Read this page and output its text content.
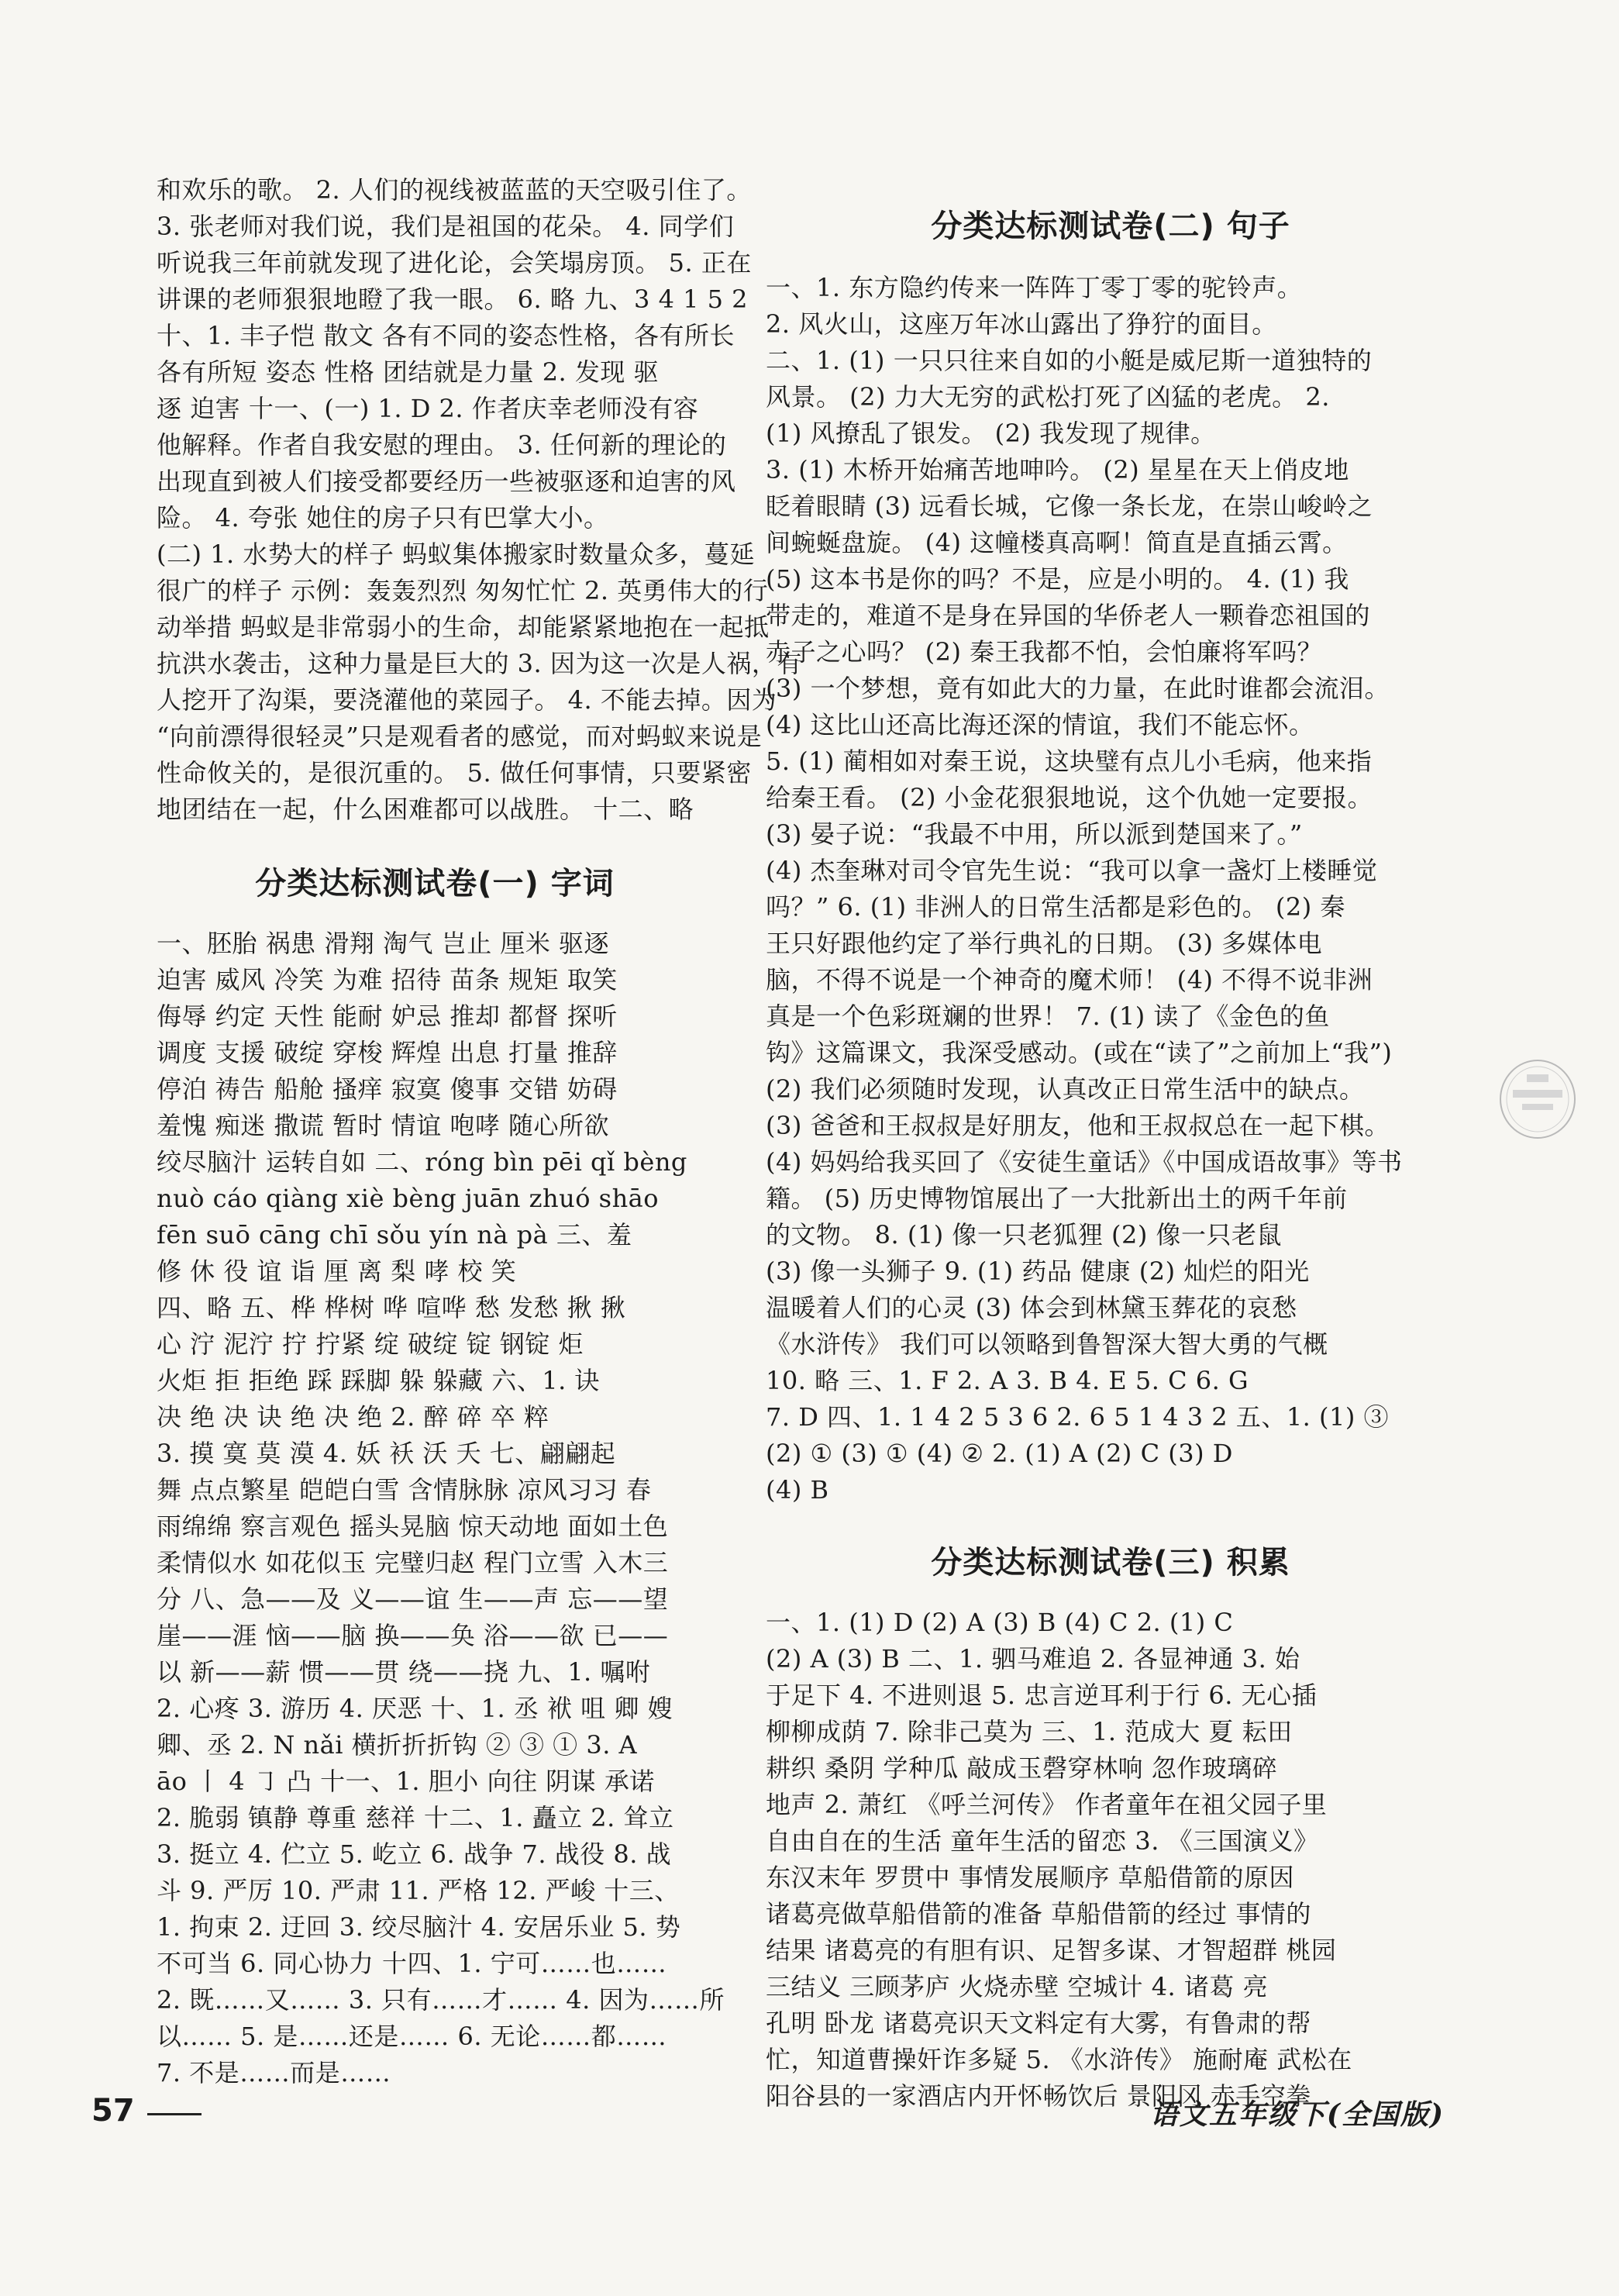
和欢乐的歌。 2. 人们的视线被蓝蓝的天空吸引住了。
3. 张老师对我们说，我们是祖国的花朵。 4. 同学们
听说我三年前就发现了进化论，会笑塌房顶。 5. 正在
讲课的老师狠狠地瞪了我一眼。 6. 略 九、3 4 1 5 2
十、1. 丰子恺 散文 各有不同的姿态性格，各有所长
各有所短 姿态 性格 团结就是力量 2. 发现 驱
逐 迫害 十一、(一) 1. D 2. 作者庆幸老师没有容
他解释。作者自我安慰的理由。 3. 任何新的理论的
出现直到被人们接受都要经历一些被驱逐和迫害的风
险。 4. 夸张 她住的房子只有巴掌大小。
(二) 1. 水势大的样子 蚂蚁集体搬家时数量众多，蔓延
很广的样子 示例：轰轰烈烈 匆匆忙忙 2. 英勇伟大的行
动举措 蚂蚁是非常弱小的生命，却能紧紧地抱在一起抵
抗洪水袭击，这种力量是巨大的 3. 因为这一次是人祸，有
人挖开了沟渠，要浇灌他的菜园子。 4. 不能去掉。因为
“向前漂得很轻灵”只是观看者的感觉，而对蚂蚁来说是
性命攸关的，是很沉重的。 5. 做任何事情，只要紧密
地团结在一起，什么困难都可以战胜。 十二、略
分类达标测试卷(一) 字词
一、胚胎 祸患 滑翔 淘气 岂止 厘米 驱逐
迫害 威风 冷笑 为难 招待 苗条 规矩 取笑
侮辱 约定 天性 能耐 妒忌 推却 都督 探听
调度 支援 破绽 穿梭 辉煌 出息 打量 推辞
停泊 祷告 船舱 搔痒 寂寞 傻事 交错 妨碍
羞愧 痴迷 撒谎 暂时 情谊 咆哮 随心所欲
绞尽脑汁 运转自如 二、róng bìn pēi qǐ bèng
nuò cáo qiàng xiè bèng juān zhuó shāo
fēn suō cāng chī sǒu yín nà pà 三、羞
修 休 役 谊 诣 厘 离 梨 哮 校 笑
四、略 五、桦 桦树 哗 喧哗 愁 发愁 揪 揪
心 泞 泥泞 拧 拧紧 绽 破绽 锭 钢锭 炬
火炬 拒 拒绝 踩 踩脚 躲 躲藏 六、1. 诀
决 绝 决 诀 绝 决 绝 2. 醉 碎 卒 粹
3. 摸 寞 莫 漠 4. 妖 袄 沃 夭 七、翩翩起
舞 点点繁星 皑皑白雪 含情脉脉 凉风习习 春
雨绵绵 察言观色 摇头晃脑 惊天动地 面如土色
柔情似水 如花似玉 完璧归赵 程门立雪 入木三
分 八、急——及 义——谊 生——声 忘——望
崖——涯 恼——脑 换——奂 浴——欲 已——
以 新——薪 惯——贯 绕——挠 九、1. 嘱咐
2. 心疼 3. 游历 4. 厌恶 十、1. 丞 袱 咀 卿 嫂
卿、丞 2. N nǎi 横折折折钩 ② ③ ① 3. A
āo 丨 4 ㇆ 凸 十一、1. 胆小 向往 阴谋 承诺
2. 脆弱 镇静 尊重 慈祥 十二、1. 矗立 2. 耸立
3. 挺立 4. 伫立 5. 屹立 6. 战争 7. 战役 8. 战
斗 9. 严厉 10. 严肃 11. 严格 12. 严峻 十三、
1. 拘束 2. 迂回 3. 绞尽脑汁 4. 安居乐业 5. 势
不可当 6. 同心协力 十四、1. 宁可……也……
2. 既……又…… 3. 只有……才…… 4. 因为……所
以…… 5. 是……还是…… 6. 无论……都……
7. 不是……而是……
分类达标测试卷(二) 句子
一、1. 东方隐约传来一阵阵丁零丁零的驼铃声。
2. 风火山，这座万年冰山露出了狰狞的面目。
二、1. (1) 一只只往来自如的小艇是威尼斯一道独特的
风景。 (2) 力大无穷的武松打死了凶猛的老虎。 2.
(1) 风撩乱了银发。 (2) 我发现了规律。
3. (1) 木桥开始痛苦地呻吟。 (2) 星星在天上俏皮地
眨着眼睛 (3) 远看长城，它像一条长龙，在崇山峻岭之
间蜿蜒盘旋。 (4) 这幢楼真高啊！简直是直插云霄。
(5) 这本书是你的吗？不是，应是小明的。 4. (1) 我
带走的，难道不是身在异国的华侨老人一颗眷恋祖国的
赤子之心吗？ (2) 秦王我都不怕，会怕廉将军吗？
(3) 一个梦想，竟有如此大的力量，在此时谁都会流泪。
(4) 这比山还高比海还深的情谊，我们不能忘怀。
5. (1) 蔺相如对秦王说，这块璧有点儿小毛病，他来指
给秦王看。 (2) 小金花狠狠地说，这个仇她一定要报。
(3) 晏子说：“我最不中用，所以派到楚国来了。”
(4) 杰奎琳对司令官先生说：“我可以拿一盏灯上楼睡觉
吗？” 6. (1) 非洲人的日常生活都是彩色的。 (2) 秦
王只好跟他约定了举行典礼的日期。 (3) 多媒体电
脑，不得不说是一个神奇的魔术师！ (4) 不得不说非洲
真是一个色彩斑斓的世界！ 7. (1) 读了《金色的鱼
钩》这篇课文，我深受感动。(或在“读了”之前加上“我”)
(2) 我们必须随时发现，认真改正日常生活中的缺点。
(3) 爸爸和王叔叔是好朋友，他和王叔叔总在一起下棋。
(4) 妈妈给我买回了《安徒生童话》《中国成语故事》等书
籍。 (5) 历史博物馆展出了一大批新出土的两千年前
的文物。 8. (1) 像一只老狐狸 (2) 像一只老鼠
(3) 像一头狮子 9. (1) 药品 健康 (2) 灿烂的阳光
温暖着人们的心灵 (3) 体会到林黛玉葬花的哀愁
《水浒传》 我们可以领略到鲁智深大智大勇的气概
10. 略 三、1. F 2. A 3. B 4. E 5. C 6. G
7. D 四、1. 1 4 2 5 3 6 2. 6 5 1 4 3 2 五、1. (1) ③
(2) ① (3) ① (4) ② 2. (1) A (2) C (3) D
(4) B
分类达标测试卷(三) 积累
一、1. (1) D (2) A (3) B (4) C 2. (1) C
(2) A (3) B 二、1. 驷马难追 2. 各显神通 3. 始
于足下 4. 不进则退 5. 忠言逆耳利于行 6. 无心插
柳柳成荫 7. 除非己莫为 三、1. 范成大 夏 耘田
耕织 桑阴 学种瓜 敲成玉磬穿林响 忽作玻璃碎
地声 2. 萧红 《呼兰河传》 作者童年在祖父园子里
自由自在的生活 童年生活的留恋 3. 《三国演义》
东汉末年 罗贯中 事情发展顺序 草船借箭的原因
诸葛亮做草船借箭的准备 草船借箭的经过 事情的
结果 诸葛亮的有胆有识、足智多谋、才智超群 桃园
三结义 三顾茅庐 火烧赤壁 空城计 4. 诸葛 亮
孔明 卧龙 诸葛亮识天文料定有大雾，有鲁肃的帮
忙，知道曹操奸诈多疑 5. 《水浒传》 施耐庵 武松在
阳谷县的一家酒店内开怀畅饮后 景阳冈 赤手空拳
57	语文五年级下(全国版)
